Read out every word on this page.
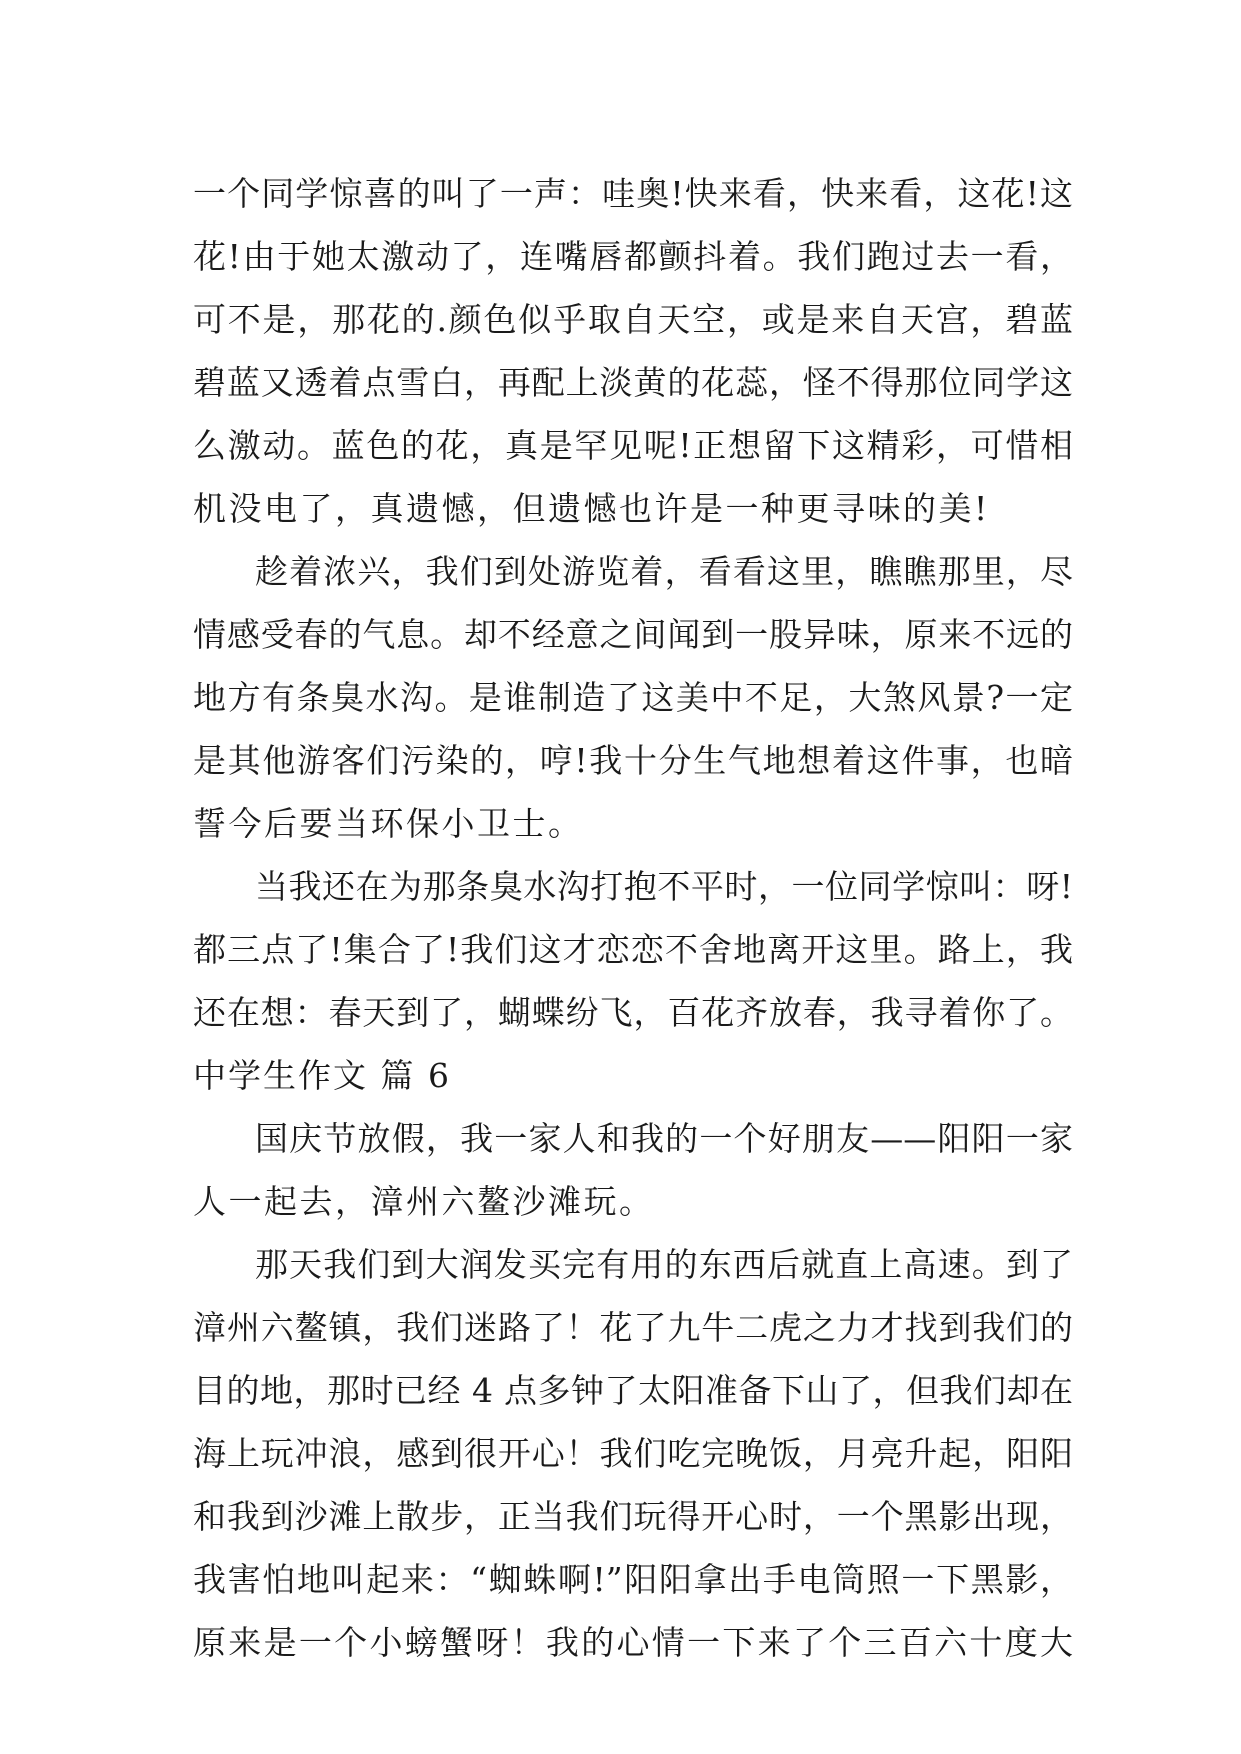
一个同学惊喜的叫了一声：哇奥!快来看，快来看，这花!这
花!由于她太激动了，连嘴唇都颤抖着。我们跑过去一看，
可不是，那花的.颜色似乎取自天空，或是来自天宫，碧蓝
碧蓝又透着点雪白，再配上淡黄的花蕊，怪不得那位同学这
么激动。蓝色的花，真是罕见呢!正想留下这精彩，可惜相
机没电了，真遗憾，但遗憾也许是一种更寻味的美!
趁着浓兴，我们到处游览着，看看这里，瞧瞧那里，尽
情感受春的气息。却不经意之间闻到一股异味，原来不远的
地方有条臭水沟。是谁制造了这美中不足，大煞风景?一定
是其他游客们污染的，哼!我十分生气地想着这件事，也暗
誓今后要当环保小卫士。
当我还在为那条臭水沟打抱不平时，一位同学惊叫：呀!
都三点了!集合了!我们这才恋恋不舍地离开这里。路上，我
还在想：春天到了，蝴蝶纷飞，百花齐放春，我寻着你了。
中学生作文 篇 6
国庆节放假，我一家人和我的一个好朋友——阳阳一家
人一起去，漳州六鳌沙滩玩。
那天我们到大润发买完有用的东西后就直上高速。到了
漳州六鳌镇，我们迷路了！花了九牛二虎之力才找到我们的
目的地，那时已经 4 点多钟了太阳准备下山了，但我们却在
海上玩冲浪，感到很开心！我们吃完晚饭，月亮升起，阳阳
和我到沙滩上散步，正当我们玩得开心时，一个黑影出现，
我害怕地叫起来：“蜘蛛啊!”阳阳拿出手电筒照一下黑影，
原来是一个小螃蟹呀！我的心情一下来了个三百六十度大
